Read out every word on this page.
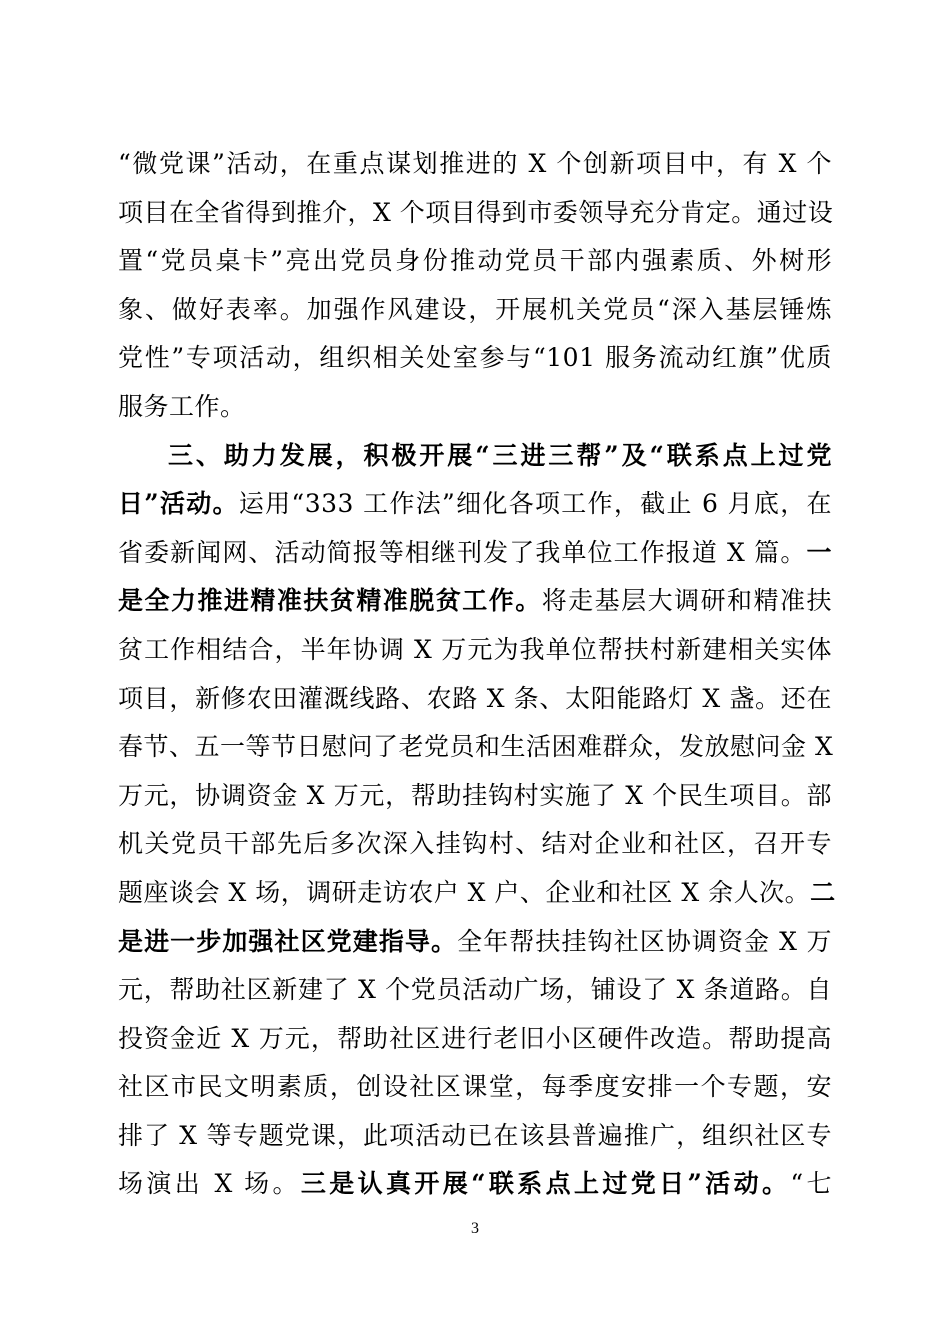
“微党课”活动，在重点谋划推进的 X 个创新项目中，有 X 个
项目在全省得到推介，X 个项目得到市委领导充分肯定。通过设
置“党员桌卡”亮出党员身份推动党员干部内强素质、外树形
象、做好表率。加强作风建设，开展机关党员“深入基层锤炼
党性”专项活动，组织相关处室参与“101 服务流动红旗”优质
服务工作。
三、助力发展，积极开展“三进三帮”及“联系点上过党
日”活动。运用“333 工作法”细化各项工作，截止 6 月底，在
省委新闻网、活动简报等相继刊发了我单位工作报道 X 篇。一
是全力推进精准扶贫精准脱贫工作。将走基层大调研和精准扶
贫工作相结合，半年协调 X 万元为我单位帮扶村新建相关实体
项目，新修农田灌溉线路、农路 X 条、太阳能路灯 X 盏。还在
春节、五一等节日慰问了老党员和生活困难群众，发放慰问金 X
万元，协调资金 X 万元，帮助挂钩村实施了 X 个民生项目。部
机关党员干部先后多次深入挂钩村、结对企业和社区，召开专
题座谈会 X 场，调研走访农户 X 户、企业和社区 X 余人次。二
是进一步加强社区党建指导。全年帮扶挂钩社区协调资金 X 万
元，帮助社区新建了 X 个党员活动广场，铺设了 X 条道路。自
投资金近 X 万元，帮助社区进行老旧小区硬件改造。帮助提高
社区市民文明素质，创设社区课堂，每季度安排一个专题，安
排了 X 等专题党课，此项活动已在该县普遍推广，组织社区专
场演出 X 场。三是认真开展“联系点上过党日”活动。“七
3
